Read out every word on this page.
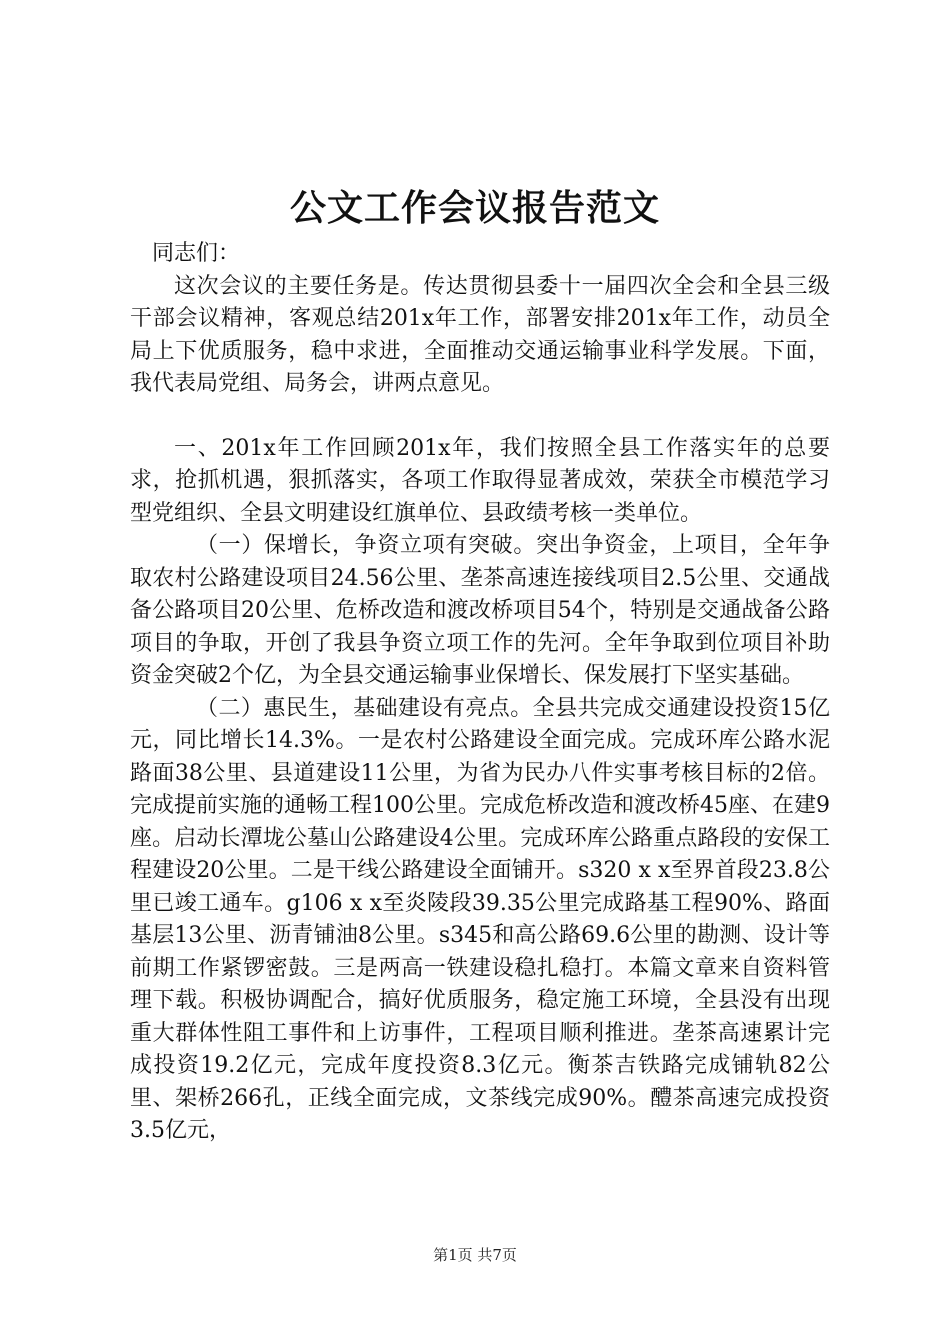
公文工作会议报告范文

同志们：

这次会议的主要任务是。传达贯彻县委十一届四次全会和全县三级干部会议精神，客观总结201x年工作，部署安排201x年工作，动员全局上下优质服务，稳中求进，全面推动交通运输事业科学发展。下面，我代表局党组、局务会，讲两点意见。

一、201x年工作回顾201x年，我们按照全县工作落实年的总要求，抢抓机遇，狠抓落实，各项工作取得显著成效，荣获全市模范学习型党组织、全县文明建设红旗单位、县政绩考核一类单位。

（一）保增长，争资立项有突破。突出争资金，上项目，全年争取农村公路建设项目24.56公里、垄茶高速连接线项目2.5公里、交通战备公路项目20公里、危桥改造和渡改桥项目54个，特别是交通战备公路项目的争取，开创了我县争资立项工作的先河。全年争取到位项目补助资金突破2个亿，为全县交通运输事业保增长、保发展打下坚实基础。

（二）惠民生，基础建设有亮点。全县共完成交通建设投资15亿元，同比增长14.3%。一是农村公路建设全面完成。完成环库公路水泥路面38公里、县道建设11公里，为省为民办八件实事考核目标的2倍。完成提前实施的通畅工程100公里。完成危桥改造和渡改桥45座、在建9座。启动长潭垅公墓山公路建设4公里。完成环库公路重点路段的安保工程建设20公里。二是干线公路建设全面铺开。s320 x x至界首段23.8公里已竣工通车。g106 x x至炎陵段39.35公里完成路基工程90%、路面基层13公里、沥青铺油8公里。s345和高公路69.6公里的勘测、设计等前期工作紧锣密鼓。三是两高一铁建设稳扎稳打。本篇文章来自资料管理下载。积极协调配合，搞好优质服务，稳定施工环境，全县没有出现重大群体性阻工事件和上访事件，工程项目顺利推进。垄茶高速累计完成投资19.2亿元，完成年度投资8.3亿元。衡茶吉铁路完成铺轨82公里、架桥266孔，正线全面完成，文茶线完成90%。醴茶高速完成投资3.5亿元，

第1页 共7页
